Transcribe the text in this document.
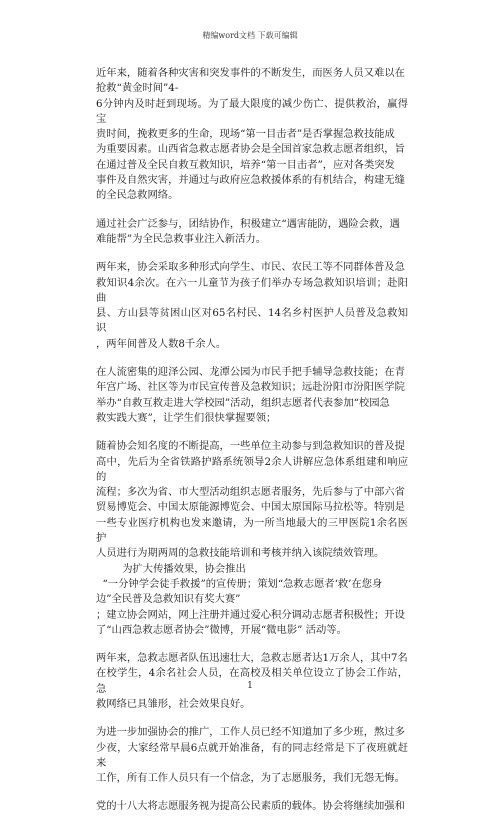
精编word文档 下载可编辑
近年来，随着各种灾害和突发事件的不断发生，而医务人员又难以在
抢救“黄金时间”4-
6分钟内及时赶到现场。为了最大限度的减少伤亡、提供救治，赢得宝
贵时间，挽救更多的生命，现场“第一目击者”是否掌握急救技能成
为重要因素。山西省急救志愿者协会是全国首家急救志愿者组织，旨
在通过普及全民自救互救知识，培养“第一目击者”，应对各类突发
事件及自然灾害，并通过与政府应急救援体系的有机结合，构建无缝
的全民急救网络。
通过社会广泛参与，团结协作，积极建立“遇害能防，遇险会救，遇
难能帮”为全民急救事业注入新活力。
两年来，协会采取多种形式向学生、市民、农民工等不同群体普及急
救知识4余次。在六一儿童节为孩子们举办专场急救知识培训；赴阳曲
县、方山县等贫困山区对65名村民、14名乡村医护人员普及急救知识
，两年间普及人数8千余人。
在人流密集的迎泽公园、龙潭公园为市民手把手辅导急救技能；在青
年宫广场、社区等为市民宣传普及急救知识；远赴汾阳市汾阳医学院
举办“自救互救走进大学校园”活动，组织志愿者代表参加“校园急
救实践大赛”，让学生们很快掌握要领；
随着协会知名度的不断提高，一些单位主动参与到急救知识的普及提
高中，先后为全省铁路护路系统领导2余人讲解应急体系组建和响应的
流程；多次为省、市大型活动组织志愿者服务，先后参与了中部六省
贸易博览会、中国太原能源博览会、中国太原国际马拉松等。特别是
一些专业医疗机构也发来邀请，为一所当地最大的三甲医院1余名医护
人员进行为期两周的急救技能培训和考核并纳入该院绩效管理。
为扩大传播效果，协会推出
“一分钟学会徒手救援”的宣传册；策划“急救志愿者‘救’在您身
边”全民普及急救知识有奖大赛”
；建立协会网站，网上注册并通过爱心积分调动志愿者积极性；开设
了“山西急救志愿者协会”微博，开展“微电影” 活动等。
两年来，急救志愿者队伍迅速壮大，急救志愿者达1万余人，其中7名
在校学生，4余名社会人员，在高校及相关单位设立了协会工作站，急
救网络已具雏形，社会效果良好。
为进一步加强协会的推广，工作人员已经不知道加了多少班，熬过多
少夜，大家经常早晨6点就开始准备，有的同志经常是下了夜班就赶来
工作，所有工作人员只有一个信念，为了志愿服务，我们无怨无悔。
党的十八大将志愿服务视为提高公民素质的载体。协会将继续加强和
1
